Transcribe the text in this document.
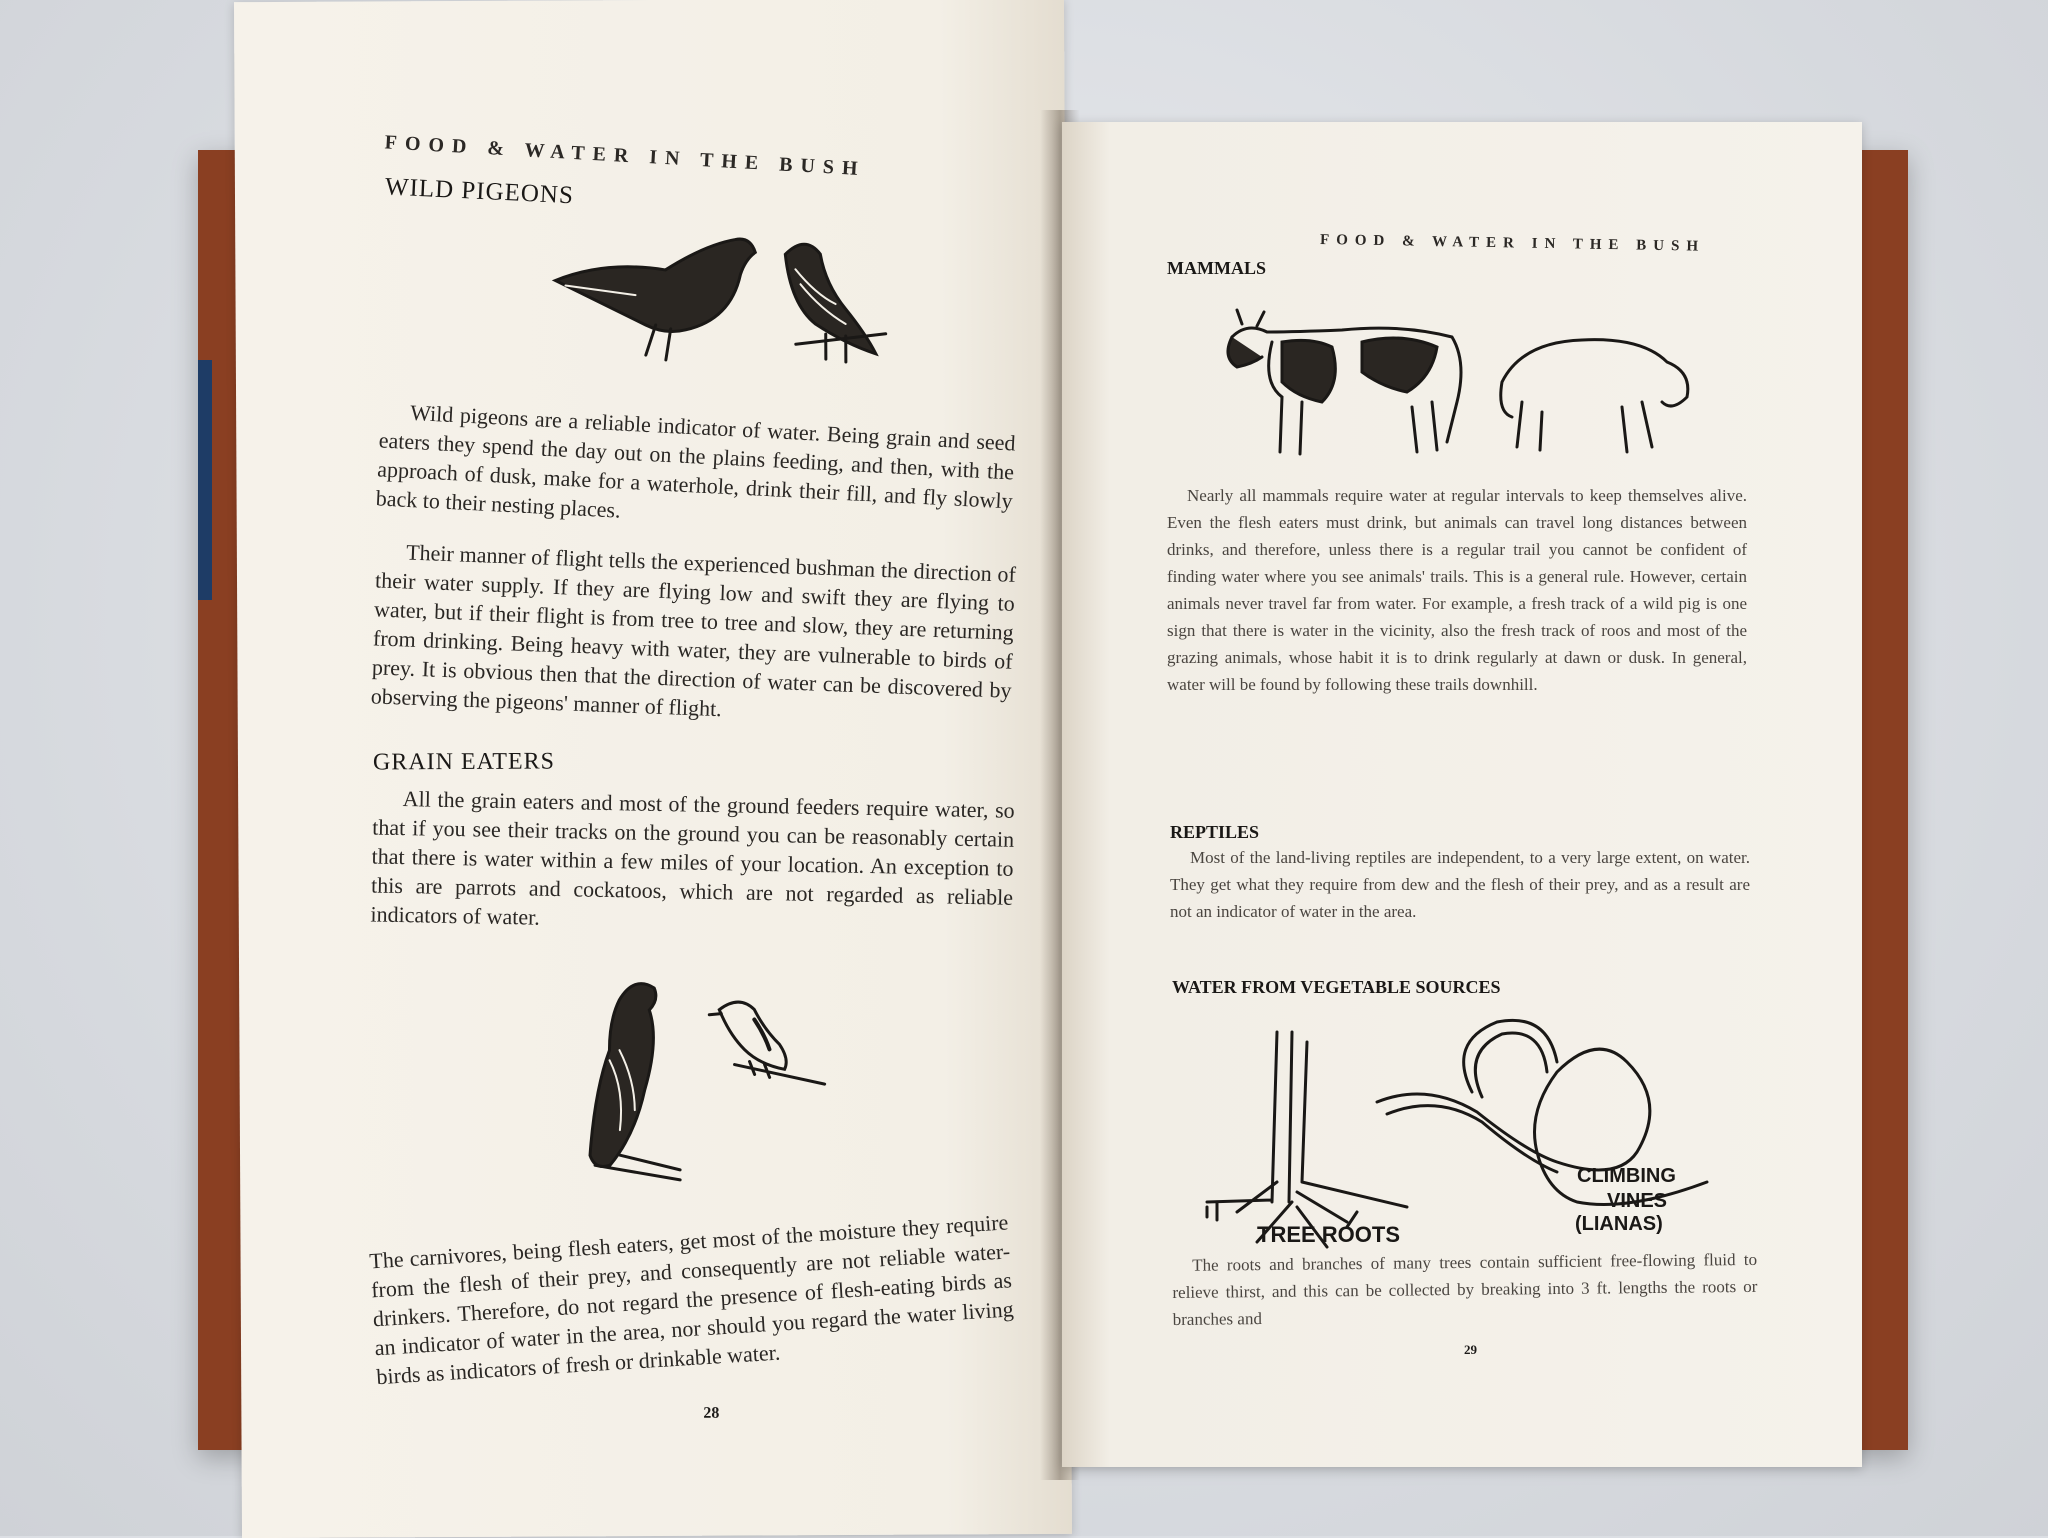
FOOD & WATER IN THE BUSH
WILD PIGEONS
Wild pigeons are a reliable indicator of water. Being grain and seed eaters they spend the day out on the plains feeding, and then, with the approach of dusk, make for a waterhole, drink their fill, and fly slowly back to their nesting places.
Their manner of flight tells the experienced bushman the direction of their water supply. If they are flying low and swift they are flying to water, but if their flight is from tree to tree and slow, they are returning from drinking. Being heavy with water, they are vulnerable to birds of prey. It is obvious then that the direction of water can be discovered by observing the pigeons' manner of flight.
GRAIN EATERS
All the grain eaters and most of the ground feeders require water, so that if you see their tracks on the ground you can be reasonably certain that there is water within a few miles of your location. An exception to this are parrots and cockatoos, which are not regarded as reliable indicators of water.
The carnivores, being flesh eaters, get most of the moisture they require from the flesh of their prey, and consequently are not reliable water-drinkers. Therefore, do not regard the presence of flesh-eating birds as an indicator of water in the area, nor should you regard the water living birds as indicators of fresh or drinkable water.
28
FOOD & WATER IN THE BUSH
MAMMALS
Nearly all mammals require water at regular intervals to keep themselves alive. Even the flesh eaters must drink, but animals can travel long distances between drinks, and therefore, unless there is a regular trail you cannot be confident of finding water where you see animals' trails. This is a general rule. However, certain animals never travel far from water. For example, a fresh track of a wild pig is one sign that there is water in the vicinity, also the fresh track of roos and most of the grazing animals, whose habit it is to drink regularly at dawn or dusk. In general, water will be found by following these trails downhill.
REPTILES
Most of the land-living reptiles are independent, to a very large extent, on water. They get what they require from dew and the flesh of their prey, and as a result are not an indicator of water in the area.
WATER FROM VEGETABLE SOURCES
TREE ROOTS
CLIMBING
VINES
(LIANAS)
The roots and branches of many trees contain sufficient free-flowing fluid to relieve thirst, and this can be collected by breaking into 3 ft. lengths the roots or branches and
29
